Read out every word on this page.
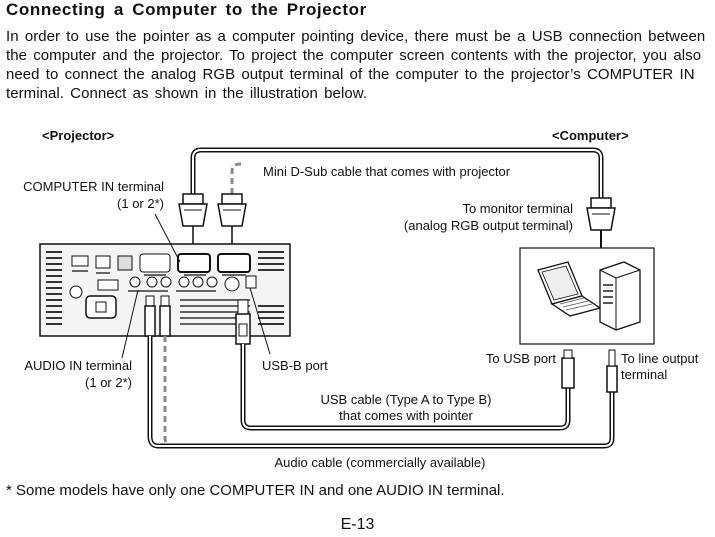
Connecting a Computer to the Projector
In order to use the pointer as a computer pointing device, there must be a USB connection between the computer and the projector. To project the computer screen contents with the projector, you also need to connect the analog RGB output terminal of the computer to the projector’s COMPUTER IN terminal. Connect as shown in the illustration below.
<Projector>	<Computer>
Mini D-Sub cable that comes with projector
COMPUTER IN terminal
(1 or 2*)	To monitor terminal
(analog RGB output terminal)
AUDIO IN terminal
(1 or 2*)
USB-B port	To USB port	To line output
terminal
USB cable (Type A to Type B)
that comes with pointer
Audio cable (commercially available)
* Some models have only one COMPUTER IN and one AUDIO IN terminal.
E-13
